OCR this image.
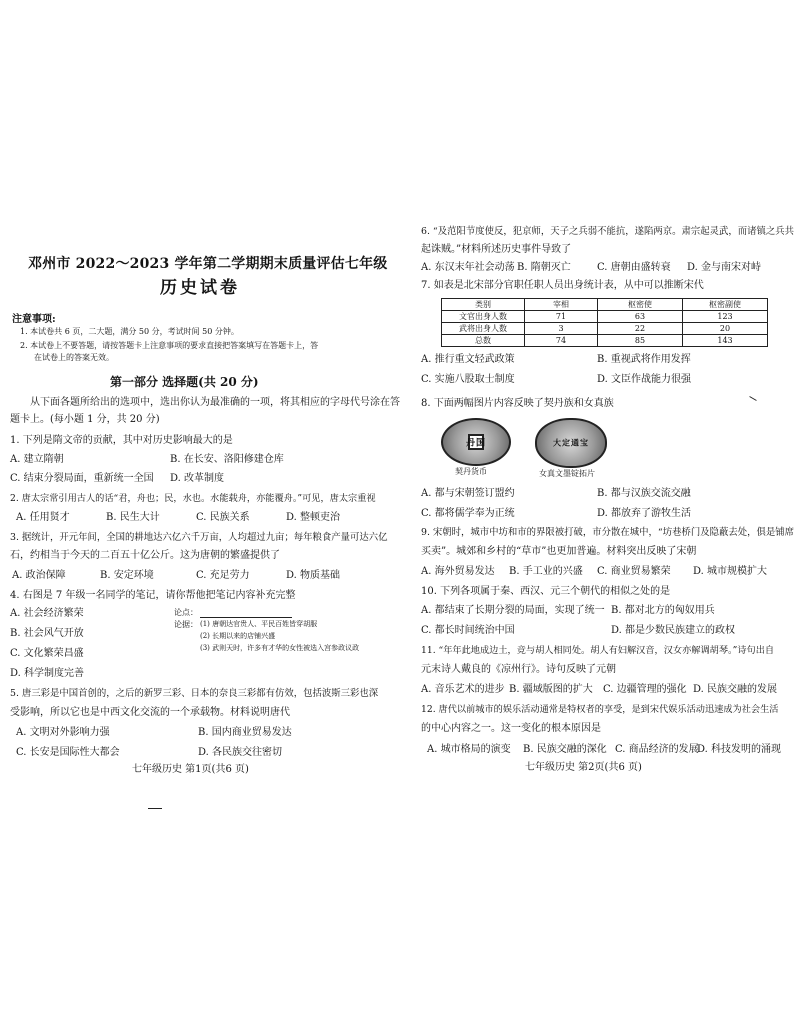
邓州市 2022～2023 学年第二学期期末质量评估七年级
历史试卷
注意事项:
1. 本试卷共 6 页，二大题，满分 50 分，考试时间 50 分钟。
2. 本试卷上不要答题，请按答题卡上注意事项的要求直接把答案填写在答题卡上，答
在试卷上的答案无效。
第一部分 选择题(共 20 分)
从下面各题所给出的选项中，选出你认为最准确的一项，将其相应的字母代号涂在答
题卡上。(每小题 1 分，共 20 分)
1. 下列是隋文帝的贡献，其中对历史影响最大的是
A. 建立隋朝	B. 在长安、洛阳修建仓库
C. 结束分裂局面，重新统一全国 D. 改革制度
2. 唐太宗常引用古人的话“君，舟也；民，水也。水能载舟，亦能覆舟。”可见，唐太宗重视
A. 任用贤才	B. 民生大计	C. 民族关系	D. 整顿吏治
3. 据统计，开元年间，全国的耕地达六亿六千万亩，人均超过九亩；每年粮食产量可达六亿
石，约相当于今天的二百五十亿公斤。这为唐朝的繁盛提供了
A. 政治保障	B. 安定环境	C. 充足劳力	D. 物质基础
4. 右图是 7 年级一名同学的笔记，请你帮他把笔记内容补充完整
A. 社会经济繁荣
B. 社会风气开放
C. 文化繁荣昌盛
D. 科学制度完善
论点：
论据： (1) 唐朝达官贵人、平民百姓皆穿胡服
(2) 长期以来的店铺兴盛
(3) 武则天时，许多有才华的女性被选入宫参政议政
5. 唐三彩是中国首创的，之后的新罗三彩、日本的奈良三彩都有仿效，包括波斯三彩也深
受影响，所以它也是中西文化交流的一个承载物。材料说明唐代
A. 文明对外影响力强	B. 国内商业贸易发达
C. 长安是国际性大都会	D. 各民族交往密切
七年级历史 第1页(共6 页)
6. “及范阳节度使反，犯京师，天子之兵弱不能抗，遂陷两京。肃宗起灵武，而诸镇之兵共
起诛贼。”材料所述历史事件导致了
A. 东汉末年社会动荡 B. 隋朝灭亡	C. 唐朝由盛转衰 D. 金与南宋对峙
7. 如表是北宋部分官职任职人员出身统计表，从中可以推断宋代
类别	宰相	枢密使	枢密副使
文官出身人数	71	63	123
武将出身人数	3	22	20
总数	74	85	143
A. 推行重文轻武政策	B. 重视武将作用发挥
C. 实施八股取士制度	D. 文臣作战能力很强
8. 下面两幅图片内容反映了契丹族和女真族
丹国
契丹货币
大定通宝
女真文墨锭拓片
A. 都与宋朝签订盟约	B. 都与汉族交流交融
C. 都将儒学奉为正统	D. 都放弃了游牧生活
9. 宋朝时，城市中坊和市的界限被打破，市分散在城中，“坊巷桥门及隐蔽去处，俱是铺席
买卖”。城郊和乡村的“草市”也更加普遍。材料突出反映了宋朝
A. 海外贸易发达 B. 手工业的兴盛 C. 商业贸易繁荣 D. 城市规模扩大
10. 下列各项属于秦、西汉、元三个朝代的相似之处的是
A. 都结束了长期分裂的局面，实现了统一 B. 都对北方的匈奴用兵
C. 都长时间统治中国	D. 都是少数民族建立的政权
11. “年年此地成边土，竞与胡人相同处。胡人有妇解汉音，汉女亦解调胡琴。”诗句出自
元末诗人戴良的《凉州行》。诗句反映了元朝
A. 音乐艺术的进步 B. 疆域版图的扩大 C. 边疆管理的强化 D. 民族交融的发展
12. 唐代以前城市的娱乐活动通常是特权者的享受，是到宋代娱乐活动迅速成为社会生活
的中心内容之一。这一变化的根本原因是
A. 城市格局的演变 B. 民族交融的深化 C. 商品经济的发展
D. 科技发明的涌现
七年级历史 第2页(共6 页)
